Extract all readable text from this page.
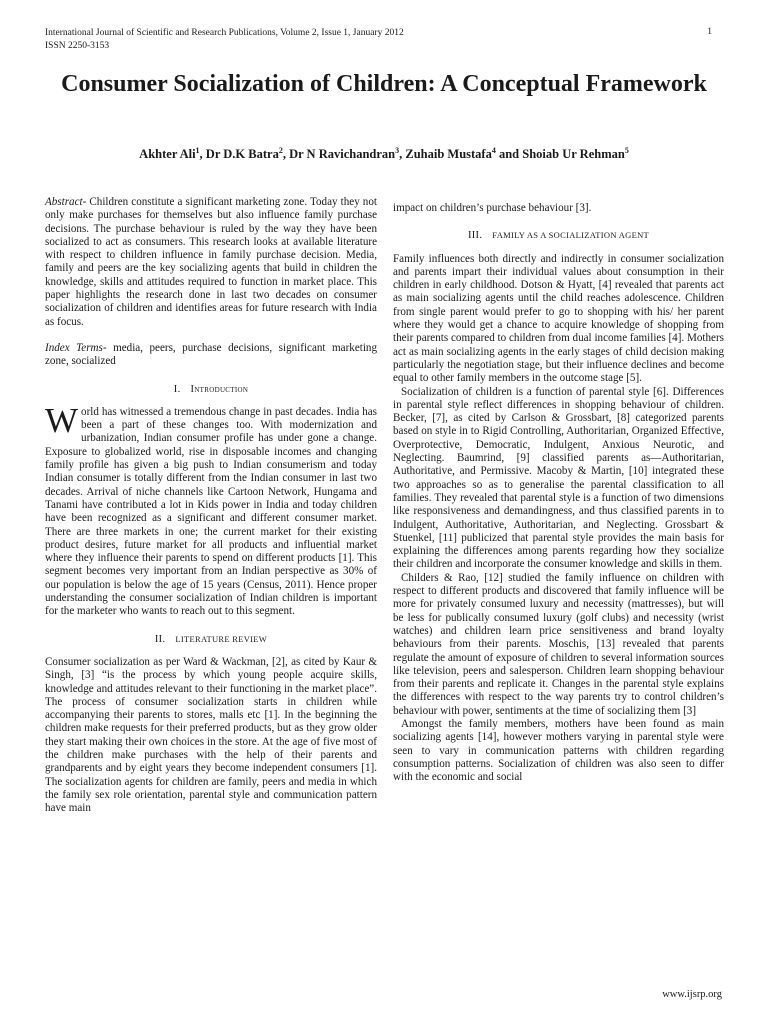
International Journal of Scientific and Research Publications, Volume 2, Issue 1, January 2012
ISSN 2250-3153
1
Consumer Socialization of Children: A Conceptual Framework
Akhter Ali$^1$, Dr D.K Batra$^2$, Dr N Ravichandran$^3$, Zuhaib Mustafa$^4$ and Shoiab Ur Rehman$^5$

Abstract- Children constitute a significant marketing zone. Today they not only make purchases for themselves but also influence family purchase decisions. The purchase behaviour is ruled by the way they have been socialized to act as consumers. This research looks at available literature with respect to children influence in family purchase decision. Media, family and peers are the key socializing agents that build in children the knowledge, skills and attitudes required to function in market place. This paper highlights the research done in last two decades on consumer socialization of children and identifies areas for future research with India as focus.

Index Terms- media, peers, purchase decisions, significant marketing zone, socialized

I. Introduction

World has witnessed a tremendous change in past decades. India has been a part of these changes too. With modernization and urbanization, Indian consumer profile has under gone a change. Exposure to globalized world, rise in disposable incomes and changing family profile has given a big push to Indian consumerism and today Indian consumer is totally different from the Indian consumer in last two decades. Arrival of niche channels like Cartoon Network, Hungama and Tanami have contributed a lot in Kids power in India and today children have been recognized as a significant and different consumer market. There are three markets in one; the current market for their existing product desires, future market for all products and influential market where they influence their parents to spend on different products [1]. This segment becomes very important from an Indian perspective as 30% of our population is below the age of 15 years (Census, 2011). Hence proper understanding the consumer socialization of Indian children is important for the marketer who wants to reach out to this segment.

II. LITERATURE REVIEW

Consumer socialization as per Ward & Wackman, [2], as cited by Kaur & Singh, [3] “is the process by which young people acquire skills, knowledge and attitudes relevant to their functioning in the market place”. The process of consumer socialization starts in children while accompanying their parents to stores, malls etc [1]. In the beginning the children make requests for their preferred products, but as they grow older they start making their own choices in the store. At the age of five most of the children make purchases with the help of their parents and grandparents and by eight years they become independent consumers [1]. The socialization agents for children are family, peers and media in which the family sex role orientation, parental style and communication pattern have main

impact on children’s purchase behaviour [3].

III. FAMILY AS A SOCIALIZATION AGENT

Family influences both directly and indirectly in consumer socialization and parents impart their individual values about consumption in their children in early childhood. Dotson & Hyatt, [4] revealed that parents act as main socializing agents until the child reaches adolescence. Children from single parent would prefer to go to shopping with his/ her parent where they would get a chance to acquire knowledge of shopping from their parents compared to children from dual income families [4]. Mothers act as main socializing agents in the early stages of child decision making particularly the negotiation stage, but their influence declines and become equal to other family members in the outcome stage [5].

Socialization of children is a function of parental style [6]. Differences in parental style reflect differences in shopping behaviour of children. Becker, [7], as cited by Carlson & Grossbart, [8] categorized parents based on style in to Rigid Controlling, Authoritarian, Organized Effective, Overprotective, Democratic, Indulgent, Anxious Neurotic, and Neglecting. Baumrind, [9] classified parents as—Authoritarian, Authoritative, and Permissive. Macoby & Martin, [10] integrated these two approaches so as to generalise the parental classification to all families. They revealed that parental style is a function of two dimensions like responsiveness and demandingness, and thus classified parents in to Indulgent, Authoritative, Authoritarian, and Neglecting. Grossbart & Stuenkel, [11] publicized that parental style provides the main basis for explaining the differences among parents regarding how they socialize their children and incorporate the consumer knowledge and skills in them.

Childers & Rao, [12] studied the family influence on children with respect to different products and discovered that family influence will be more for privately consumed luxury and necessity (mattresses), but will be less for publically consumed luxury (golf clubs) and necessity (wrist watches) and children learn price sensitiveness and brand loyalty behaviours from their parents. Moschis, [13] revealed that parents regulate the amount of exposure of children to several information sources like television, peers and salesperson. Children learn shopping behaviour from their parents and replicate it. Changes in the parental style explains the differences with respect to the way parents try to control children’s behaviour with power, sentiments at the time of socializing them [3]

Amongst the family members, mothers have been found as main socializing agents [14], however mothers varying in parental style were seen to vary in communication patterns with children regarding consumption patterns. Socialization of children was also seen to differ with the economic and social

www.ijsrp.org
